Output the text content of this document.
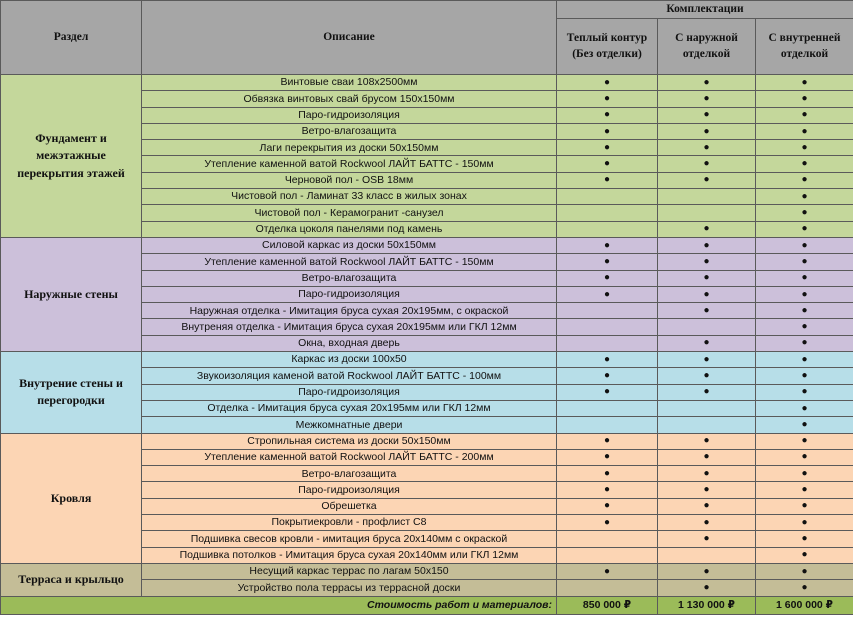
Раздел	Описание	Комплектации		
		Теплый контур (Без отделки)	С наружной отделкой	С внутренней отделкой
Фундамент и межэтажные перекрытия этажей	Винтовые сваи 108х2500мм	●	●	●
	Обвязка винтовых свай брусом 150х150мм	●	●	●
	Паро-гидроизоляция	●	●	●
	Ветро-влагозащита	●	●	●
	Лаги перекрытия из доски 50х150мм	●	●	●
	Утепление каменной ватой Rockwool ЛАЙТ БАТТС - 150мм	●	●	●
	Черновой пол - OSB 18мм	●	●	●
	Чистовой пол - Ламинат 33 класс в жилых зонах			●
	Чистовой пол - Керамогранит -санузел			●
	Отделка цоколя панелями под камень		●	●
Наружные стены	Силовой каркас из доски 50х150мм	●	●	●
	Утепление каменной ватой Rockwool ЛАЙТ БАТТС - 150мм	●	●	●
	Ветро-влагозащита	●	●	●
	Паро-гидроизоляция	●	●	●
	Наружная отделка - Имитация бруса сухая 20х195мм, с окраской		●	●
	Внутреняя отделка - Имитация бруса сухая 20х195мм или ГКЛ 12мм			●
	Окна, входная дверь		●	●
Внутрение стены и перегородки	Каркас из доски 100х50	●	●	●
	Звукоизоляция каменой ватой Rockwool ЛАЙТ БАТТС - 100мм	●	●	●
	Паро-гидроизоляция	●	●	●
	Отделка - Имитация бруса сухая 20х195мм или ГКЛ 12мм			●
	Межкомнатные двери			●
Кровля	Стропильная система из доски 50х150мм	●	●	●
	Утепление каменной ватой Rockwool ЛАЙТ БАТТС - 200мм	●	●	●
	Ветро-влагозащита	●	●	●
	Паро-гидроизоляция	●	●	●
	Обрешетка	●	●	●
	Покрытиекровли - профлист С8	●	●	●
	Подшивка свесов кровли - имитация бруса 20х140мм с окраской		●	●
	Подшивка потолков - Имитация бруса сухая 20х140мм или ГКЛ 12мм			●
Терраса и крыльцо	Несущий каркас террас по лагам 50х150	●	●	●
	Устройство пола террасы из террасной доски		●	●
Стоимость работ и материалов:		850 000 ₽	1 130 000 ₽	1 600 000 ₽
